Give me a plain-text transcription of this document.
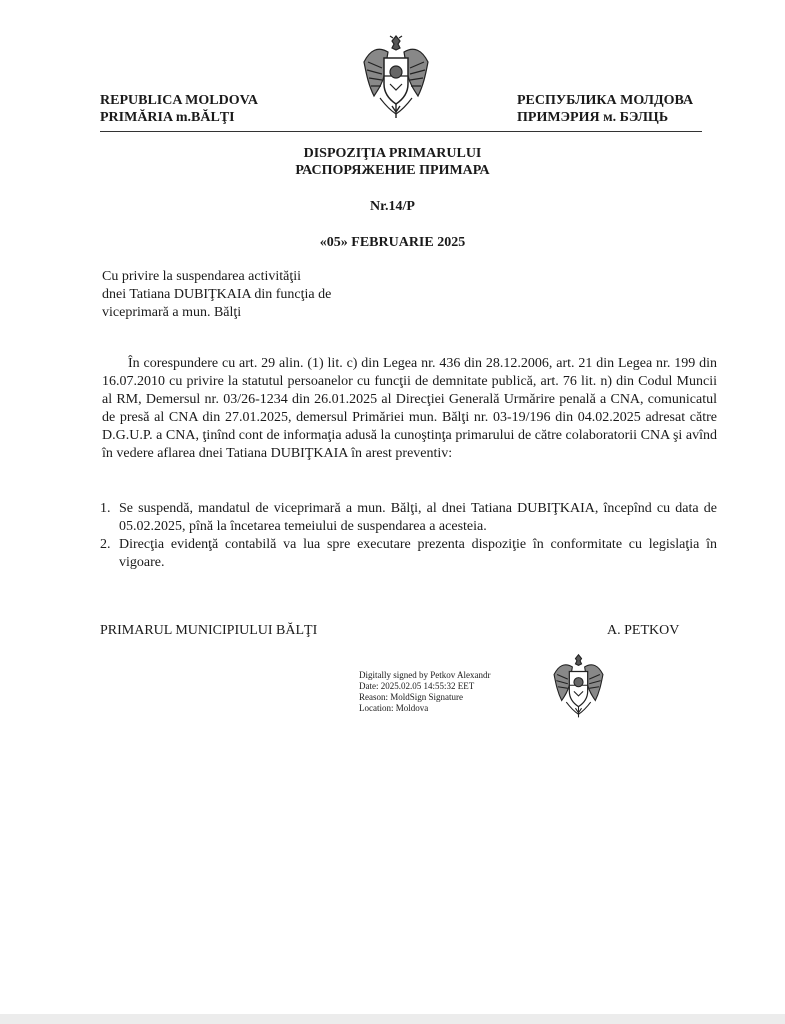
REPUBLICA MOLDOVA
PRIMĂRIA m.BĂLŢI
РЕСПУБЛИКА МОЛДОВА
ПРИМЭРИЯ м. БЭЛЦЬ
DISPOZIŢIA PRIMARULUI
РАСПОРЯЖЕНИЕ ПРИМАРА
Nr.14/P
«05» FEBRUARIE 2025
Cu privire la suspendarea activităţii
dnei Tatiana DUBIŢKAIA din funcţia de
viceprimară a mun. Bălţi
În corespundere cu art. 29 alin. (1) lit. c) din Legea nr. 436 din 28.12.2006, art. 21 din Legea nr. 199 din 16.07.2010 cu privire la statutul persoanelor cu funcţii de demnitate publică, art. 76 lit. n) din Codul Muncii al RM, Demersul nr. 03/26-1234 din 26.01.2025 al Direcţiei Generală Urmărire penală a CNA, comunicatul de presă al CNA din 27.01.2025, demersul Primăriei mun. Bălţi nr. 03-19/196 din 04.02.2025 adresat către D.G.U.P. a CNA, ţinînd cont de informaţia adusă la cunoştinţa primarului de către colaboratorii CNA şi avînd în vedere aflarea dnei Tatiana DUBIŢKAIA în arest preventiv:
1. Se suspendă, mandatul de viceprimară a mun. Bălţi, al dnei Tatiana DUBIŢKAIA, începînd cu data de 05.02.2025, pînă la încetarea temeiului de suspendarea a acesteia.
2. Direcţia evidenţă contabilă va lua spre executare prezenta dispoziţie în conformitate cu legislaţia în vigoare.
PRIMARUL MUNICIPIULUI BĂLŢI	A. PETKOV
Digitally signed by Petkov Alexandr
Date: 2025.02.05 14:55:32 EET
Reason: MoldSign Signature
Location: Moldova
